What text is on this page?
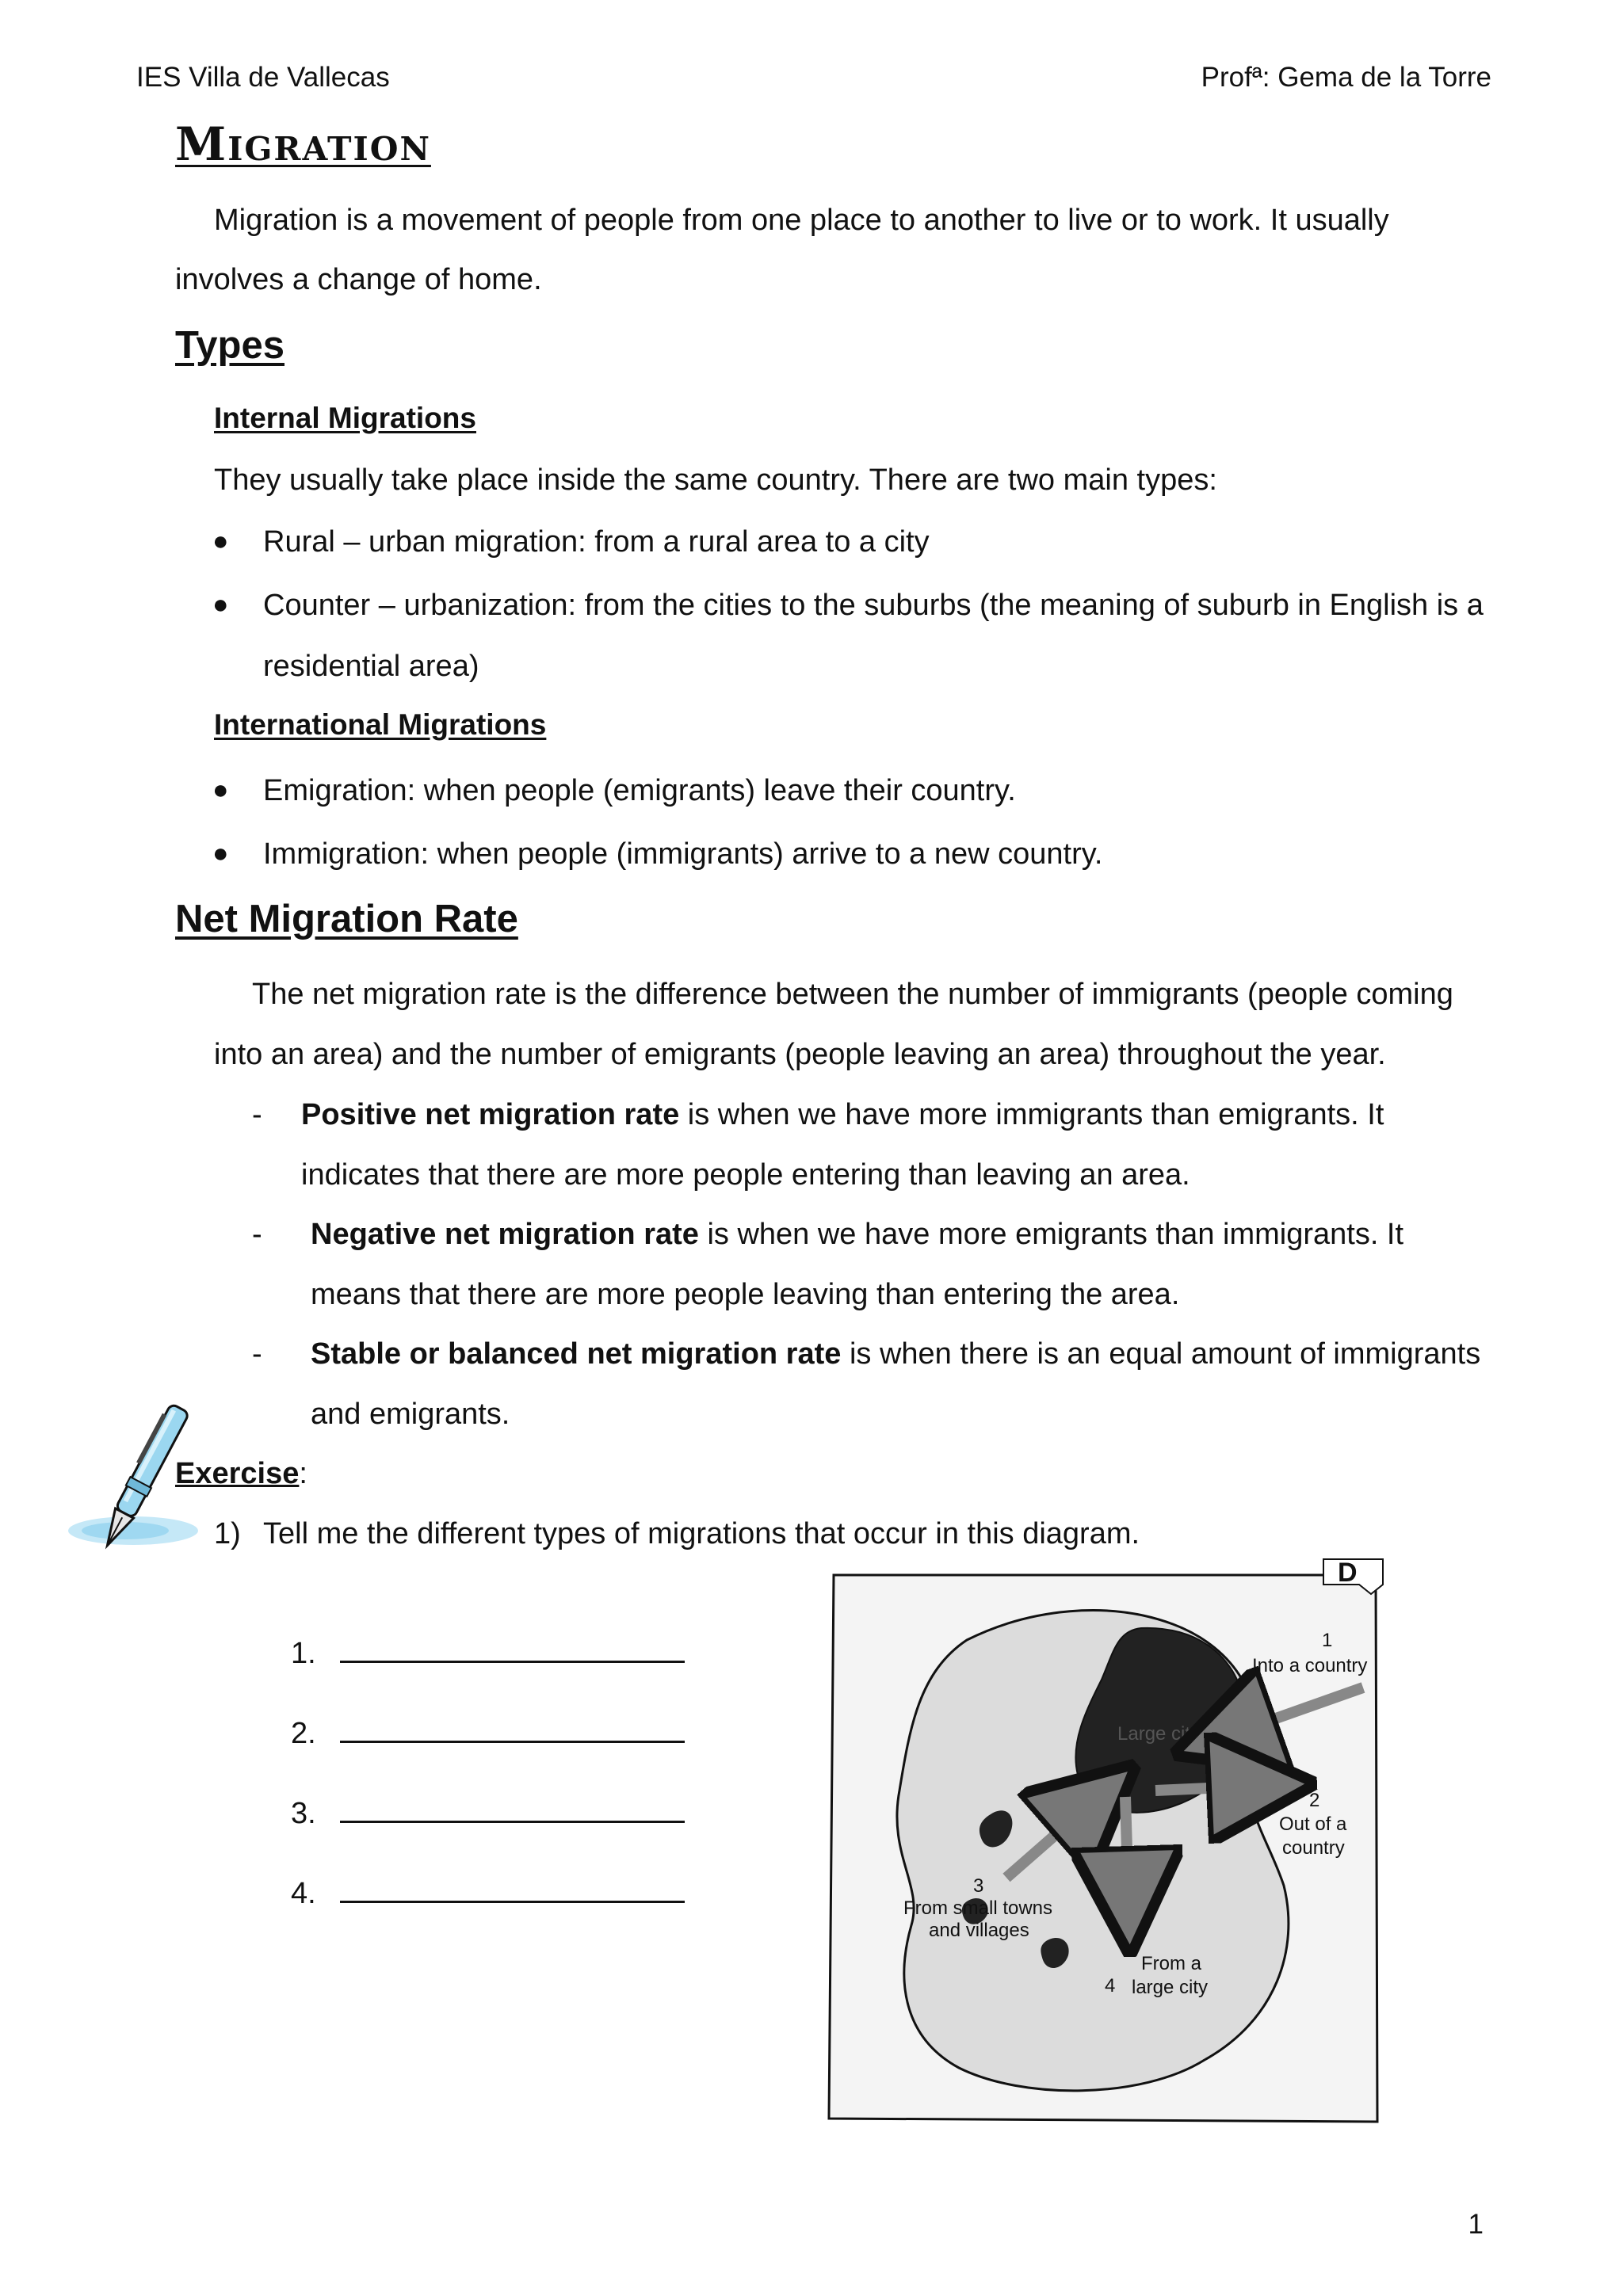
IES Villa de Vallecas	Profª: Gema de la Torre
Migration
Migration is a movement of people from one place to another to live or to work. It usually
involves a change of home.
Types
Internal Migrations
They usually take place inside the same country. There are two main types:
● Rural – urban migration: from a rural area to a city
● Counter – urbanization: from the cities to the suburbs (the meaning of suburb in English is a
residential area)
International Migrations
● Emigration: when people (emigrants) leave their country.
● Immigration: when people (immigrants) arrive to a new country.
Net Migration Rate
The net migration rate is the difference between the number of immigrants (people coming
into an area) and the number of emigrants (people leaving an area) throughout the year.
- Positive net migration rate is when we have more immigrants than emigrants. It
indicates that there are more people entering than leaving an area.
- Negative net migration rate is when we have more emigrants than immigrants. It
means that there are more people leaving than entering the area.
- Stable or balanced net migration rate is when there is an equal amount of immigrants
and emigrants.
Exercise:
1) Tell me the different types of migrations that occur in this diagram.
1.
2.
3.
4.
D
Large city
1
Into a country
2
Out of a
country
3
From small towns
and villages
From a
4 large city
1
